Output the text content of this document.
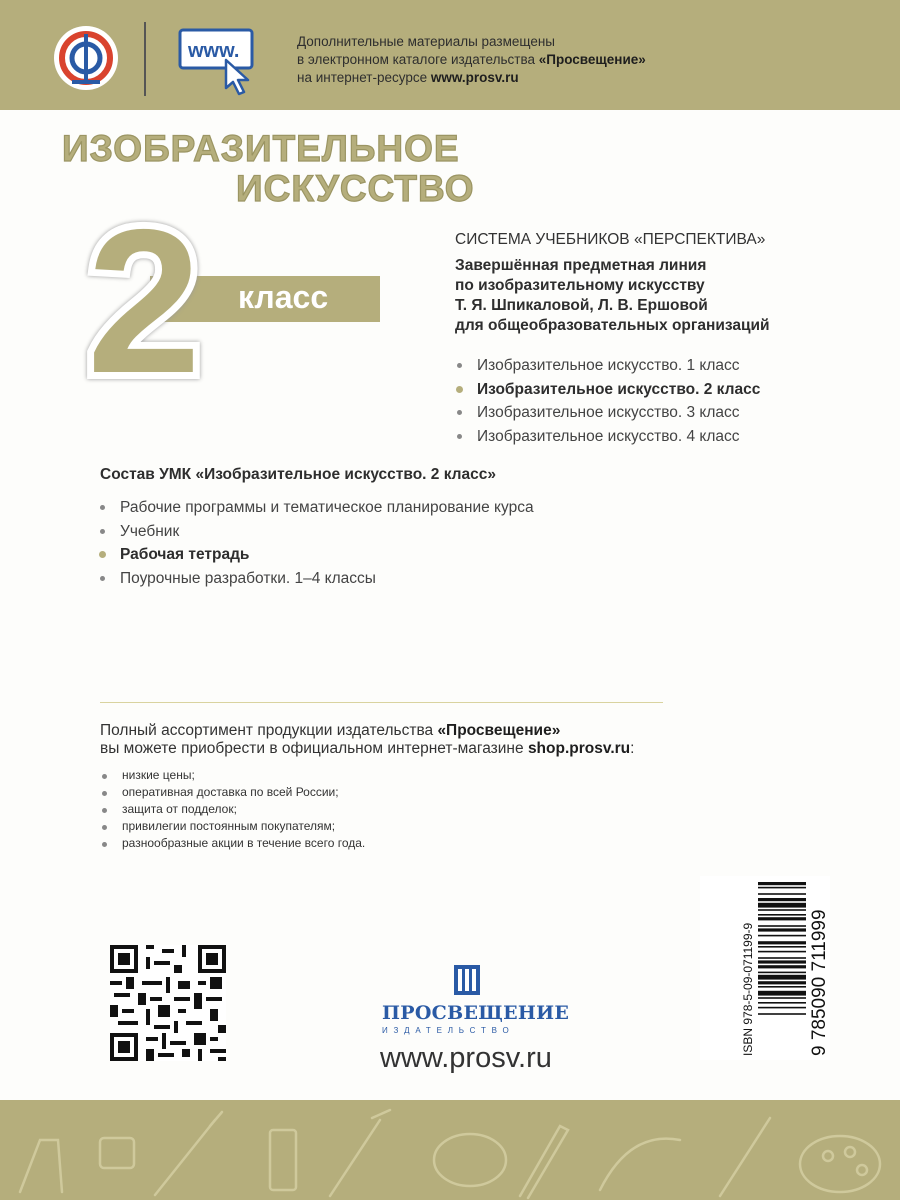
www.	Дополнительные материалы размещены
в электронном каталоге издательства «Просвещение»
на интернет-ресурсе www.prosv.ru
ИЗОБРАЗИТЕЛЬНОЕ
ИСКУССТВО
2 класс
СИСТЕМА УЧЕБНИКОВ «ПЕРСПЕКТИВА»
Завершённая предметная линия
по изобразительному искусству
Т. Я. Шпикаловой, Л. В. Ершовой
для общеобразовательных организаций
Изобразительное искусство. 1 класс
Изобразительное искусство. 2 класс
Изобразительное искусство. 3 класс
Изобразительное искусство. 4 класс
Состав УМК «Изобразительное искусство. 2 класс»
Рабочие программы и тематическое планирование курса
Учебник
Рабочая тетрадь
Поурочные разработки. 1–4 классы
Полный ассортимент продукции издательства «Просвещение»
вы можете приобрести в официальном интернет-магазине shop.prosv.ru:
низкие цены;
оперативная доставка по всей России;
защита от подделок;
привилегии постоянным покупателям;
разнообразные акции в течение всего года.
ПРОСВЕЩЕНИЕ
ИЗДАТЕЛЬСТВО
www.prosv.ru
ISBN 978-5-09-071199-9	9 785090 711999
